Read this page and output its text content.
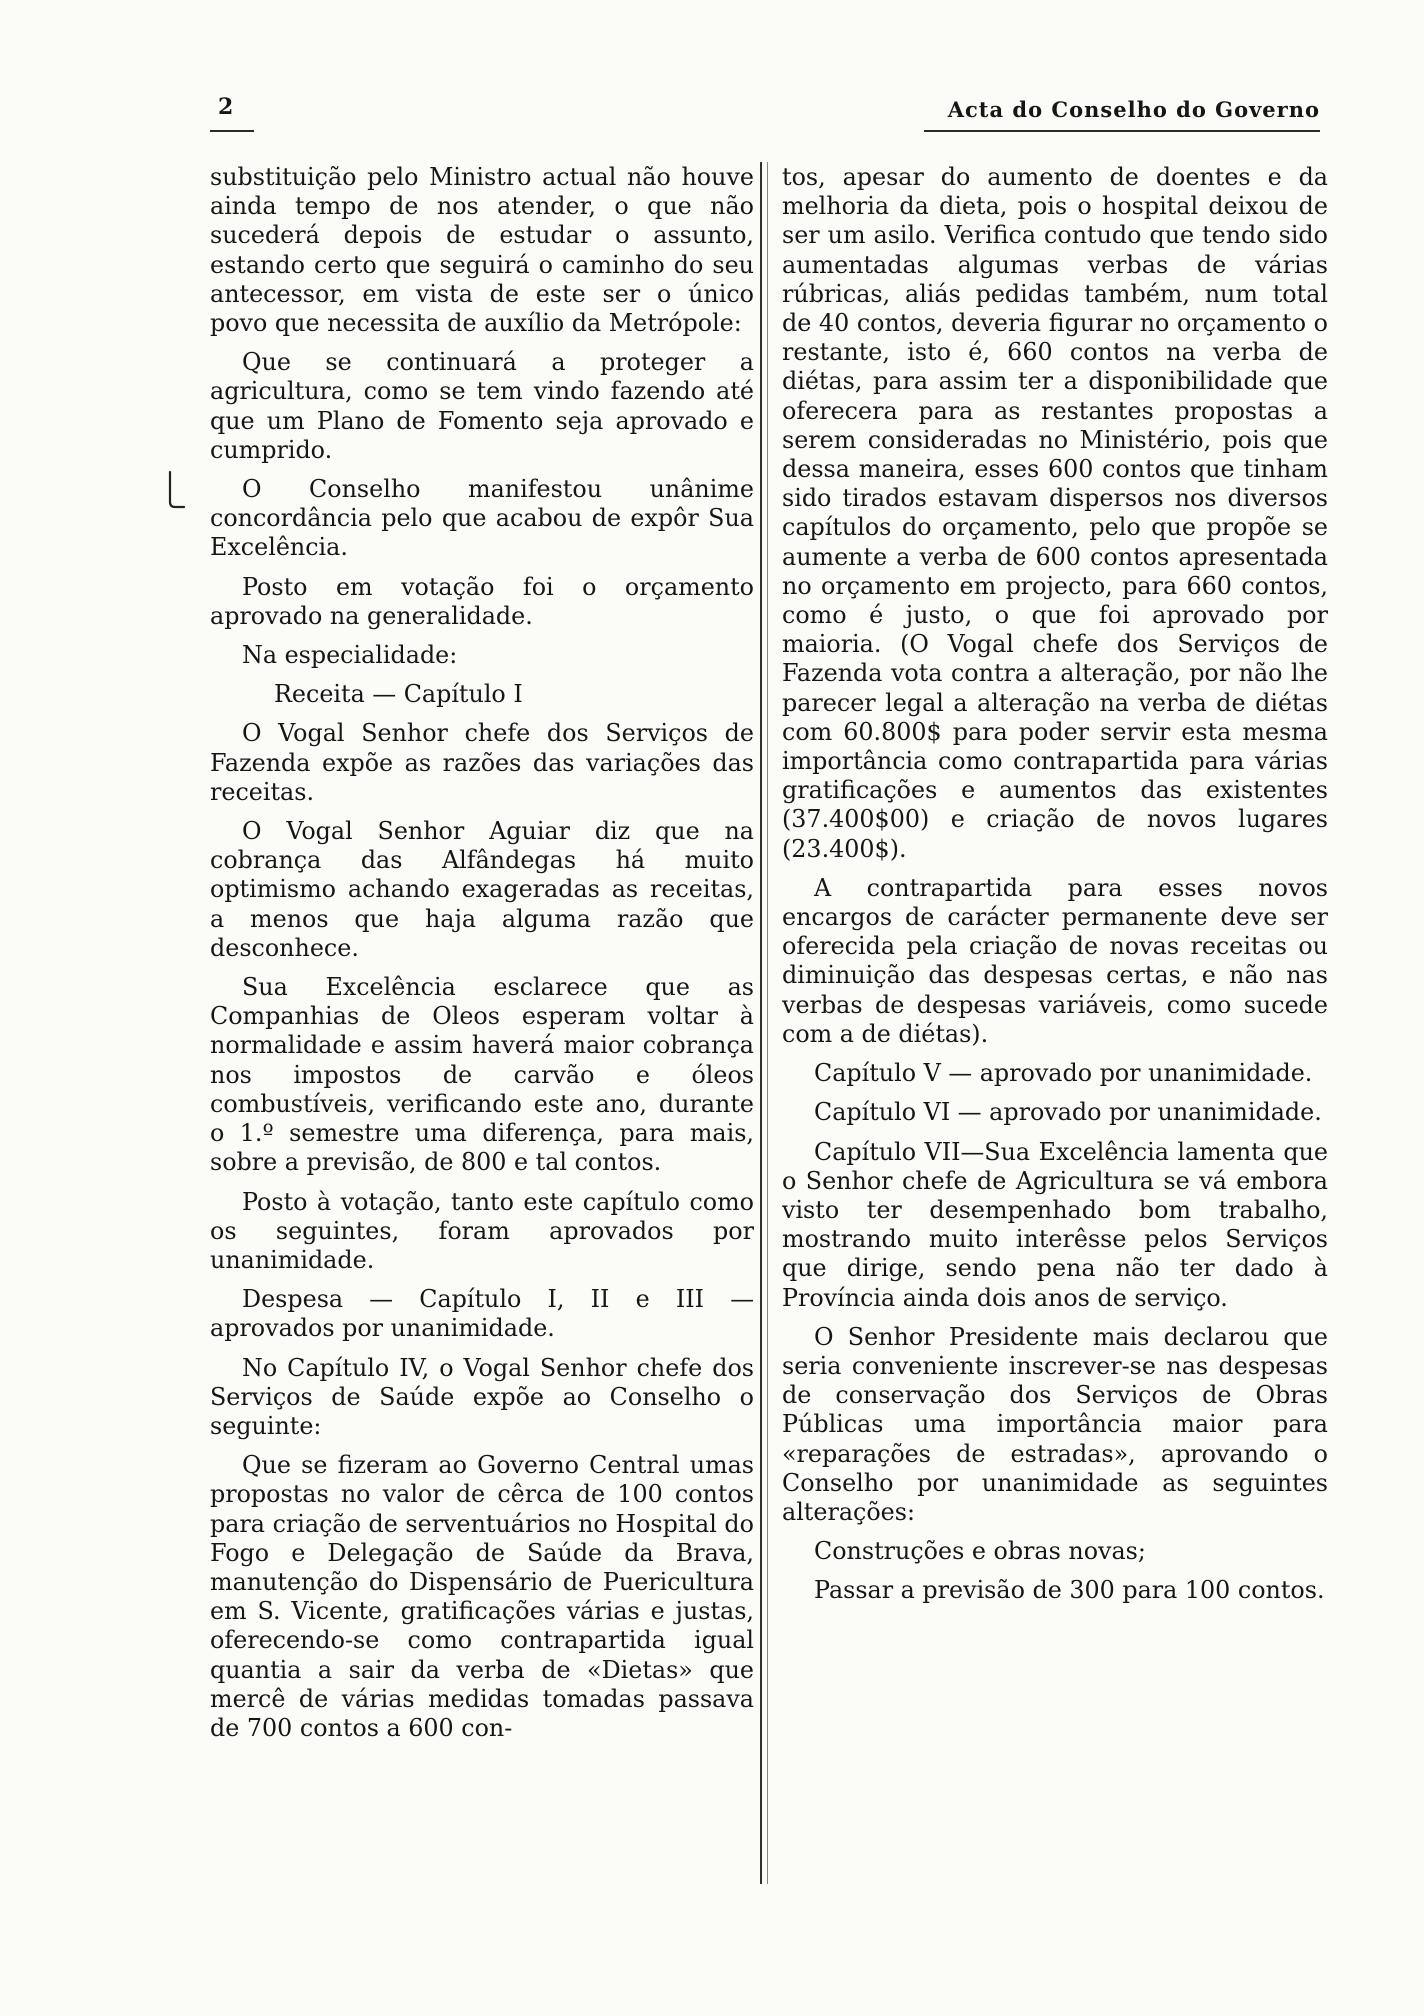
2	Acta do Conselho do Governo

substituição pelo Ministro actual não houve ainda tempo de nos atender, o que não sucederá depois de estudar o assunto, estando certo que seguirá o caminho do seu antecessor, em vista de este ser o único povo que necessita de auxílio da Metrópole:

Que se continuará a proteger a agricultura, como se tem vindo fazendo até que um Plano de Fomento seja aprovado e cumprido.

O Conselho manifestou unânime concordância pelo que acabou de expôr Sua Excelência.

Posto em votação foi o orçamento aprovado na generalidade.

Na especialidade:

Receita — Capítulo I

O Vogal Senhor chefe dos Serviços de Fazenda expõe as razões das variações das receitas.

O Vogal Senhor Aguiar diz que na cobrança das Alfândegas há muito optimismo achando exageradas as receitas, a menos que haja alguma razão que desconhece.

Sua Excelência esclarece que as Companhias de Oleos esperam voltar à normalidade e assim haverá maior cobrança nos impostos de carvão e óleos combustíveis, verificando este ano, durante o 1.º semestre uma diferença, para mais, sobre a previsão, de 800 e tal contos.

Posto à votação, tanto este capítulo como os seguintes, foram aprovados por unanimidade.

Despesa — Capítulo I, II e III — aprovados por unanimidade.

No Capítulo IV, o Vogal Senhor chefe dos Serviços de Saúde expõe ao Conselho o seguinte:

Que se fizeram ao Governo Central umas propostas no valor de cêrca de 100 contos para criação de serventuários no Hospital do Fogo e Delegação de Saúde da Brava, manutenção do Dispensário de Puericultura em S. Vicente, gratificações várias e justas, oferecendo-se como contrapartida igual quantia a sair da verba de «Dietas» que mercê de várias medidas tomadas passava de 700 contos a 600 con-

tos, apesar do aumento de doentes e da melhoria da dieta, pois o hospital deixou de ser um asilo. Verifica contudo que tendo sido aumentadas algumas verbas de várias rúbricas, aliás pedidas também, num total de 40 contos, deveria figurar no orçamento o restante, isto é, 660 contos na verba de diétas, para assim ter a disponibilidade que oferecera para as restantes propostas a serem consideradas no Ministério, pois que dessa maneira, esses 600 contos que tinham sido tirados estavam dispersos nos diversos capítulos do orçamento, pelo que propõe se aumente a verba de 600 contos apresentada no orçamento em projecto, para 660 contos, como é justo, o que foi aprovado por maioria. (O Vogal chefe dos Serviços de Fazenda vota contra a alteração, por não lhe parecer legal a alteração na verba de diétas com 60.800$ para poder servir esta mesma importância como contrapartida para várias gratificações e aumentos das existentes (37.400$00) e criação de novos lugares (23.400$).

A contrapartida para esses novos encargos de carácter permanente deve ser oferecida pela criação de novas receitas ou diminuição das despesas certas, e não nas verbas de despesas variáveis, como sucede com a de diétas).

Capítulo V — aprovado por unanimidade.

Capítulo VI — aprovado por unanimidade.

Capítulo VII—Sua Excelência lamenta que o Senhor chefe de Agricultura se vá embora visto ter desempenhado bom trabalho, mostrando muito interêsse pelos Serviços que dirige, sendo pena não ter dado à Província ainda dois anos de serviço.

O Senhor Presidente mais declarou que seria conveniente inscrever-se nas despesas de conservação dos Serviços de Obras Públicas uma importância maior para «reparações de estradas», aprovando o Conselho por unanimidade as seguintes alterações:

Construções e obras novas;

Passar a previsão de 300 para 100 contos.
